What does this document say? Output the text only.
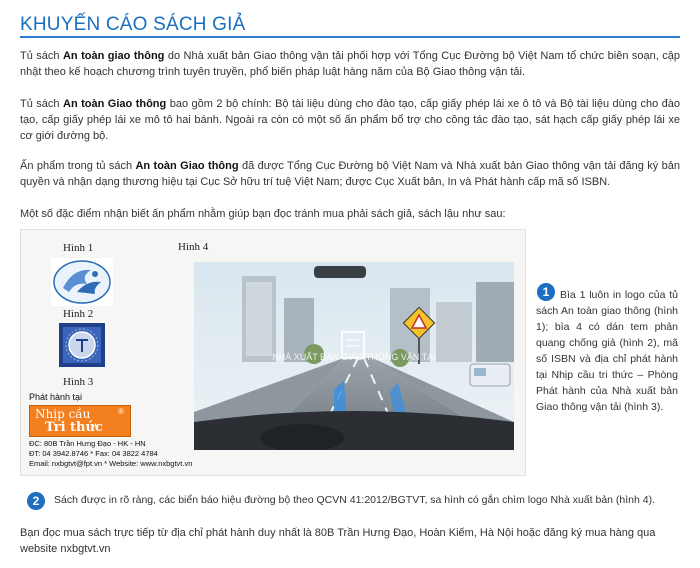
KHUYẾN CÁO SÁCH GIẢ

Tủ sách An toàn giao thông do Nhà xuất bản Giao thông vận tải phối hợp với Tổng Cục Đường bộ Việt Nam tổ chức biên soạn, cập nhật theo kế hoạch chương trình tuyên truyền, phổ biến pháp luật hàng năm của Bộ Giao thông vận tải.

Tủ sách An toàn Giao thông bao gồm 2 bộ chính: Bộ tài liệu dùng cho đào tạo, cấp giấy phép lái xe ô tô và Bộ tài liệu dùng cho đào tạo, cấp giấy phép lái xe mô tô hai bánh. Ngoài ra còn có một số ấn phẩm bổ trợ cho công tác đào tạo, sát hạch cấp giấy phép lái xe cơ giới đường bộ.

Ấn phẩm trong tủ sách An toàn Giao thông đã được Tổng Cục Đường bộ Việt Nam và Nhà xuất bản Giao thông vận tải đăng ký bản quyền và nhận dạng thương hiệu tại Cục Sở hữu trí tuệ Việt Nam; được Cục Xuất bản, In và Phát hành cấp mã số ISBN.

Một số đặc điểm nhận biết ấn phẩm nhằm giúp bạn đọc tránh mua phải sách giả, sách lậu như sau:

Hình 1
Hình 2
Hình 3
Phát hành tại
Nhịp cầu
Tri thức
®
ĐC: 80B Trần Hưng Đạo - HK - HN
ĐT: 04 3942.8746 * Fax: 04 3822 4784
Email: nxbgtvt@fpt.vn * Website: www.nxbgtvt.vn
Hình 4
NHÀ XUẤT BẢN GIAO THÔNG VẬN TẢI
1	Bìa 1 luôn in logo của tủ sách An toàn giao thông (hình 1); bìa 4 có dán tem phản quang chống giả (hình 2), mã số ISBN và địa chỉ phát hành tại Nhịp cầu tri thức – Phòng Phát hành của Nhà xuất bản Giao thông vận tải (hình 3).

2	Sách được in rõ ràng, các biển báo hiệu đường bộ theo QCVN 41:2012/BGTVT, sa hình có gắn chìm logo Nhà xuất bản (hình 4).

Bạn đọc mua sách trực tiếp từ địa chỉ phát hành duy nhất là 80B Trần Hưng Đạo, Hoàn Kiếm, Hà Nội hoặc đăng ký mua hàng qua website nxbgtvt.vn
